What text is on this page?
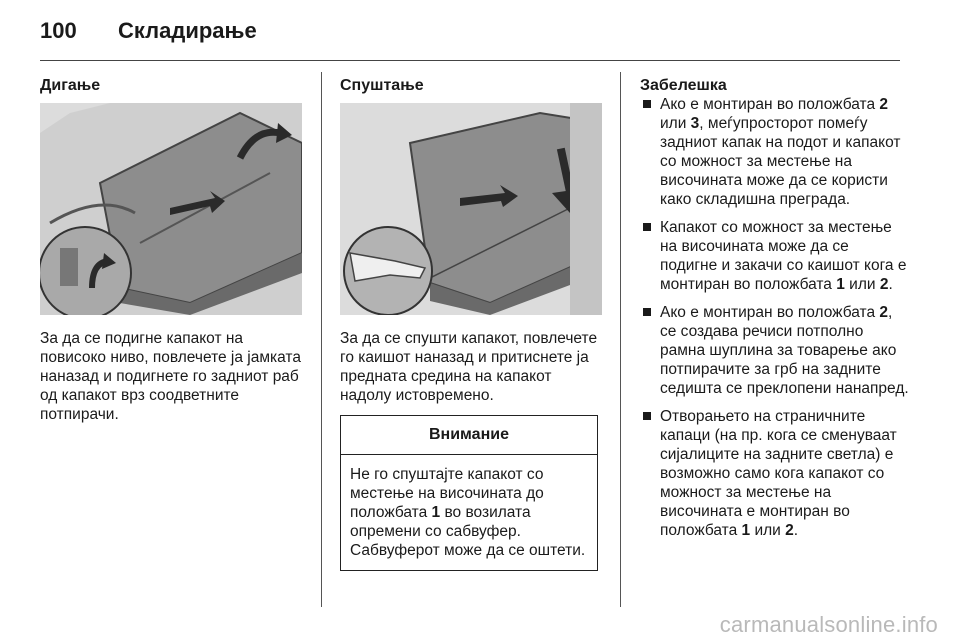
100 Складирање
Дигање
За да се подигне капакот на повисоко ниво, повлечете ја јамката наназад и подигнете го задниот раб од капакот врз соодветните потпирачи.
Спуштање
За да се спушти капакот, повлечете го каишот наназад и притиснете ја предната средина на капакот надолу истовремено.
Внимание
Не го спуштајте капакот со местење на височината до положбата 1 во возилата опремени со сабвуфер. Сабвуферот може да се оштети.
Забелешка
Ако е монтиран во положбата 2 или 3, меѓупросторот помеѓу задниот капак на подот и капакот со можност за местење на височината може да се користи како складишна преграда.
Капакот со можност за местење на височината може да се подигне и закачи со каишот кога е монтиран во положбата 1 или 2.
Ако е монтиран во положбата 2, се создава речиси потполно рамна шуплина за товарење ако потпирачите за грб на задните седишта се преклопени нанапред.
Отворањето на страничните капаци (на пр. кога се сменуваат сијалиците на задните светла) е возможно само кога капакот со можност за местење на височината е монтиран во положбата 1 или 2.
carmanualsonline.info
